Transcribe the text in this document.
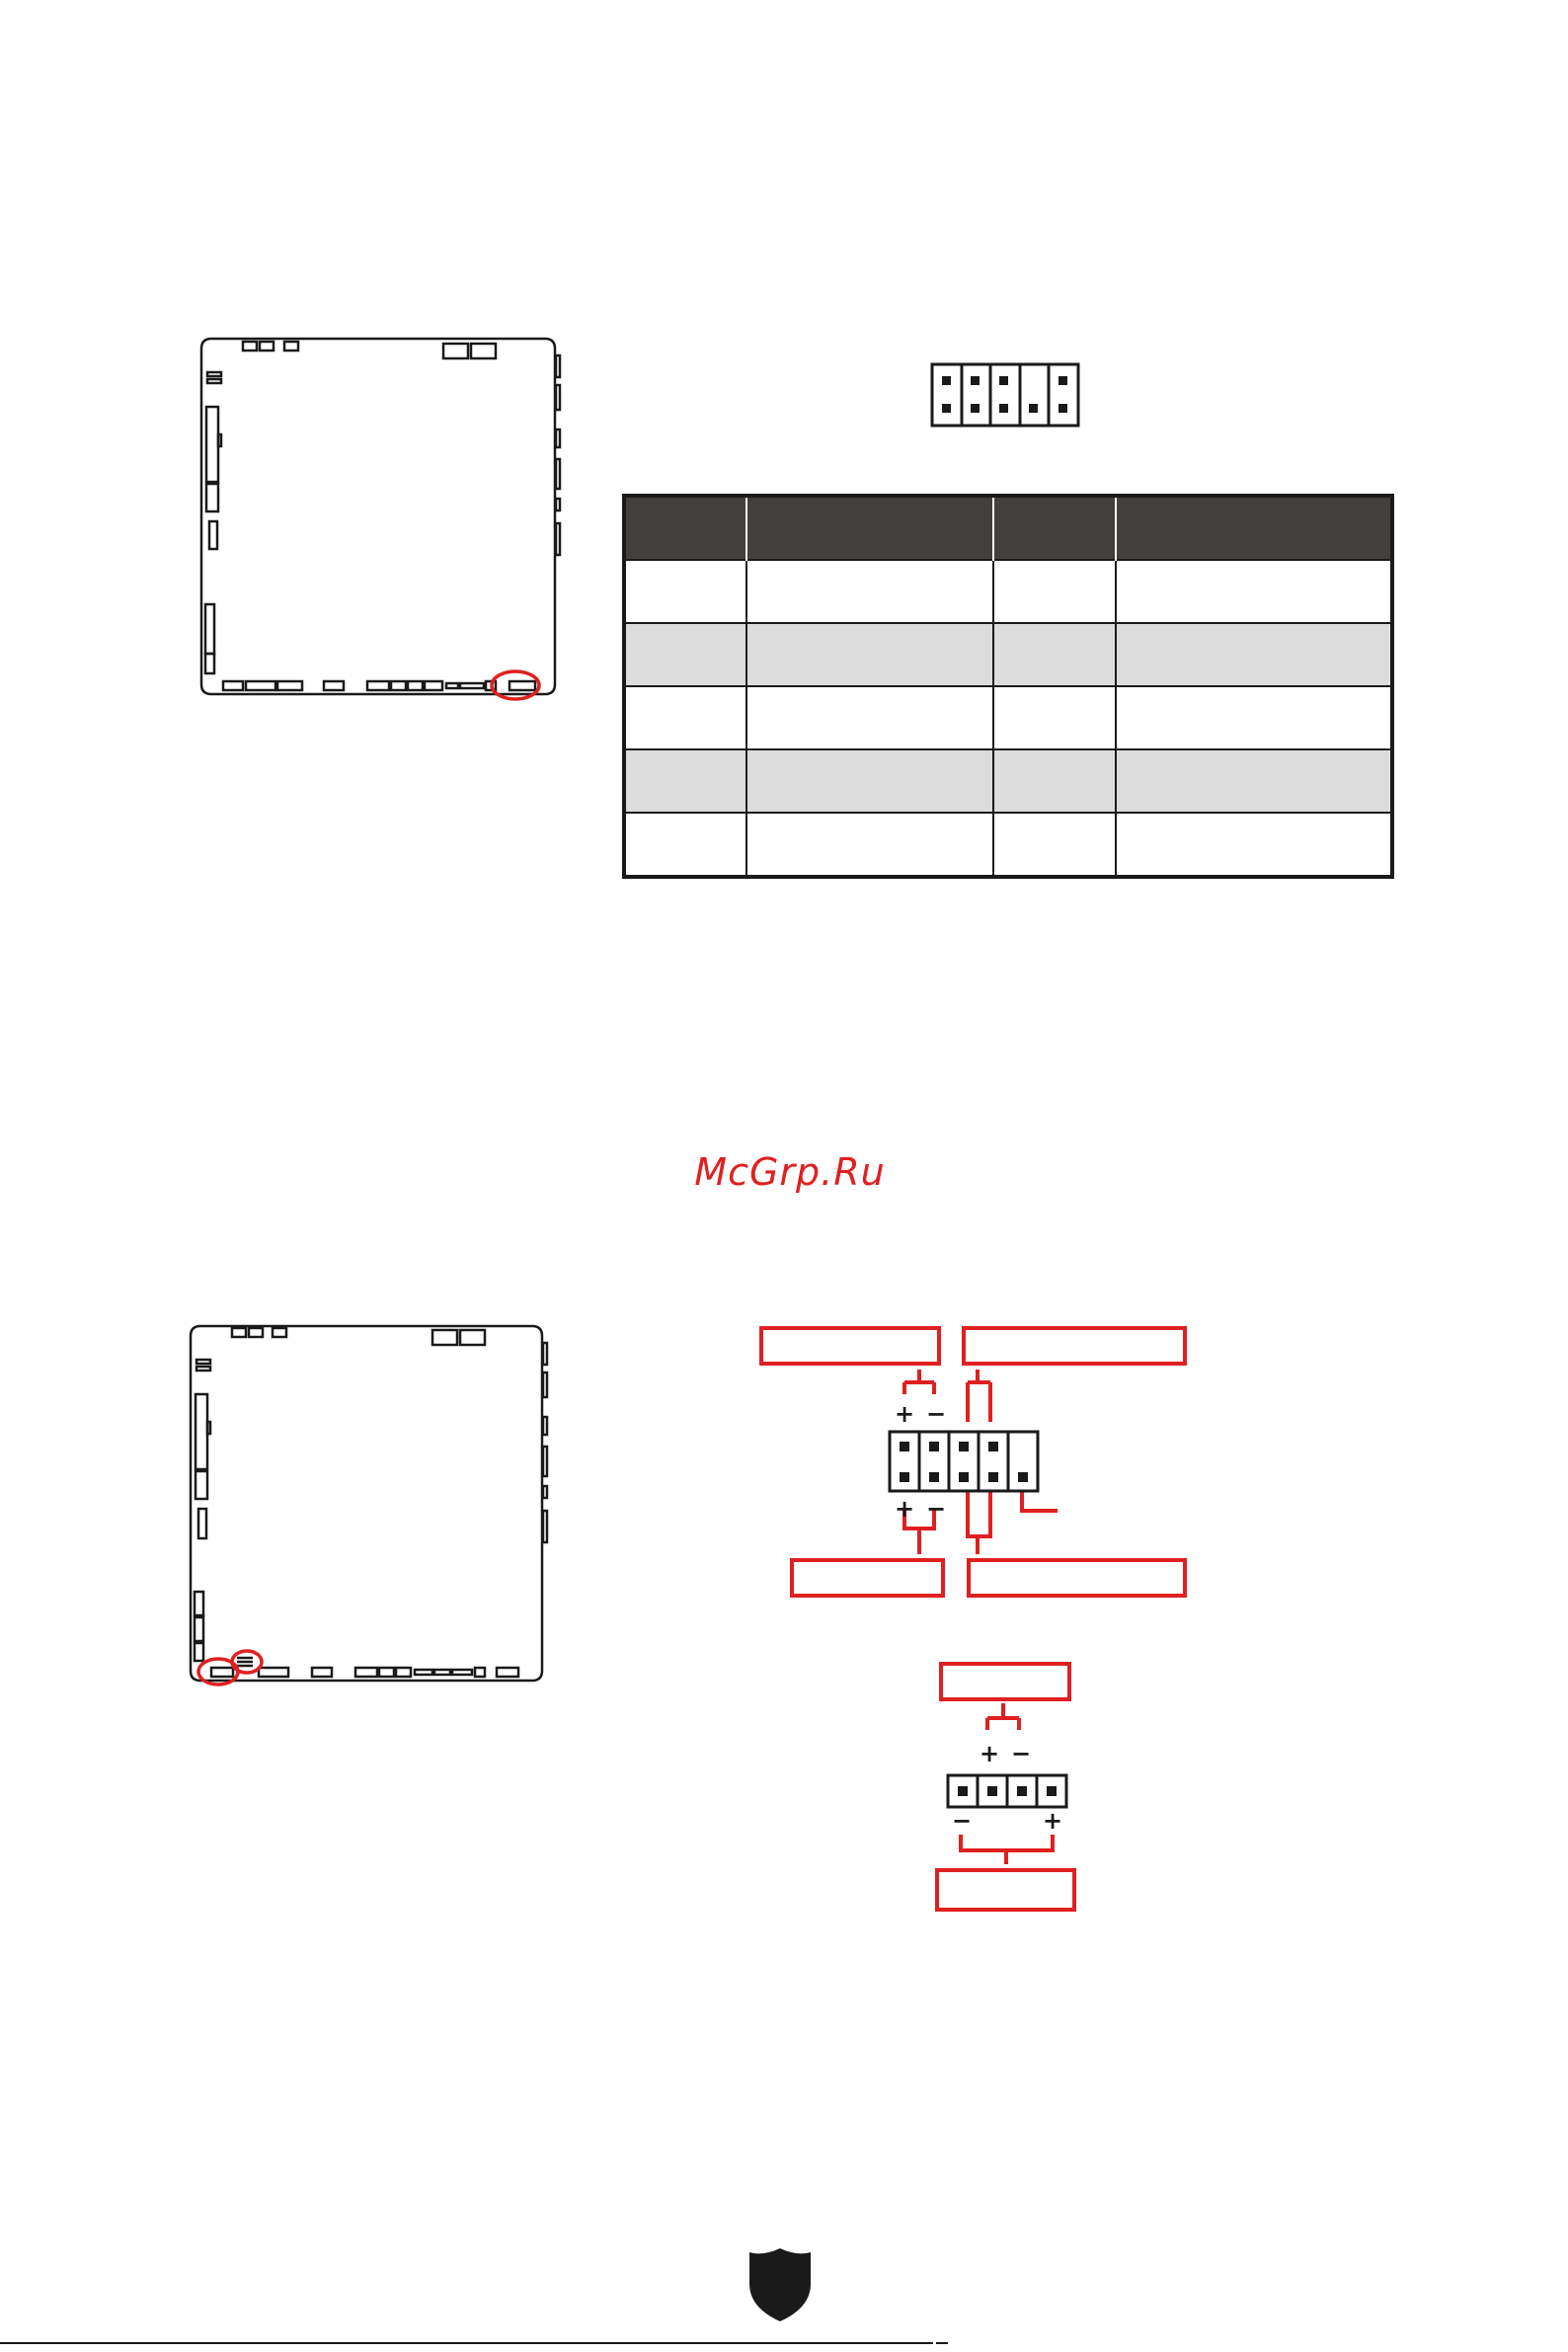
McGrp.Ru
+ −
+ −
+ −
−	+
